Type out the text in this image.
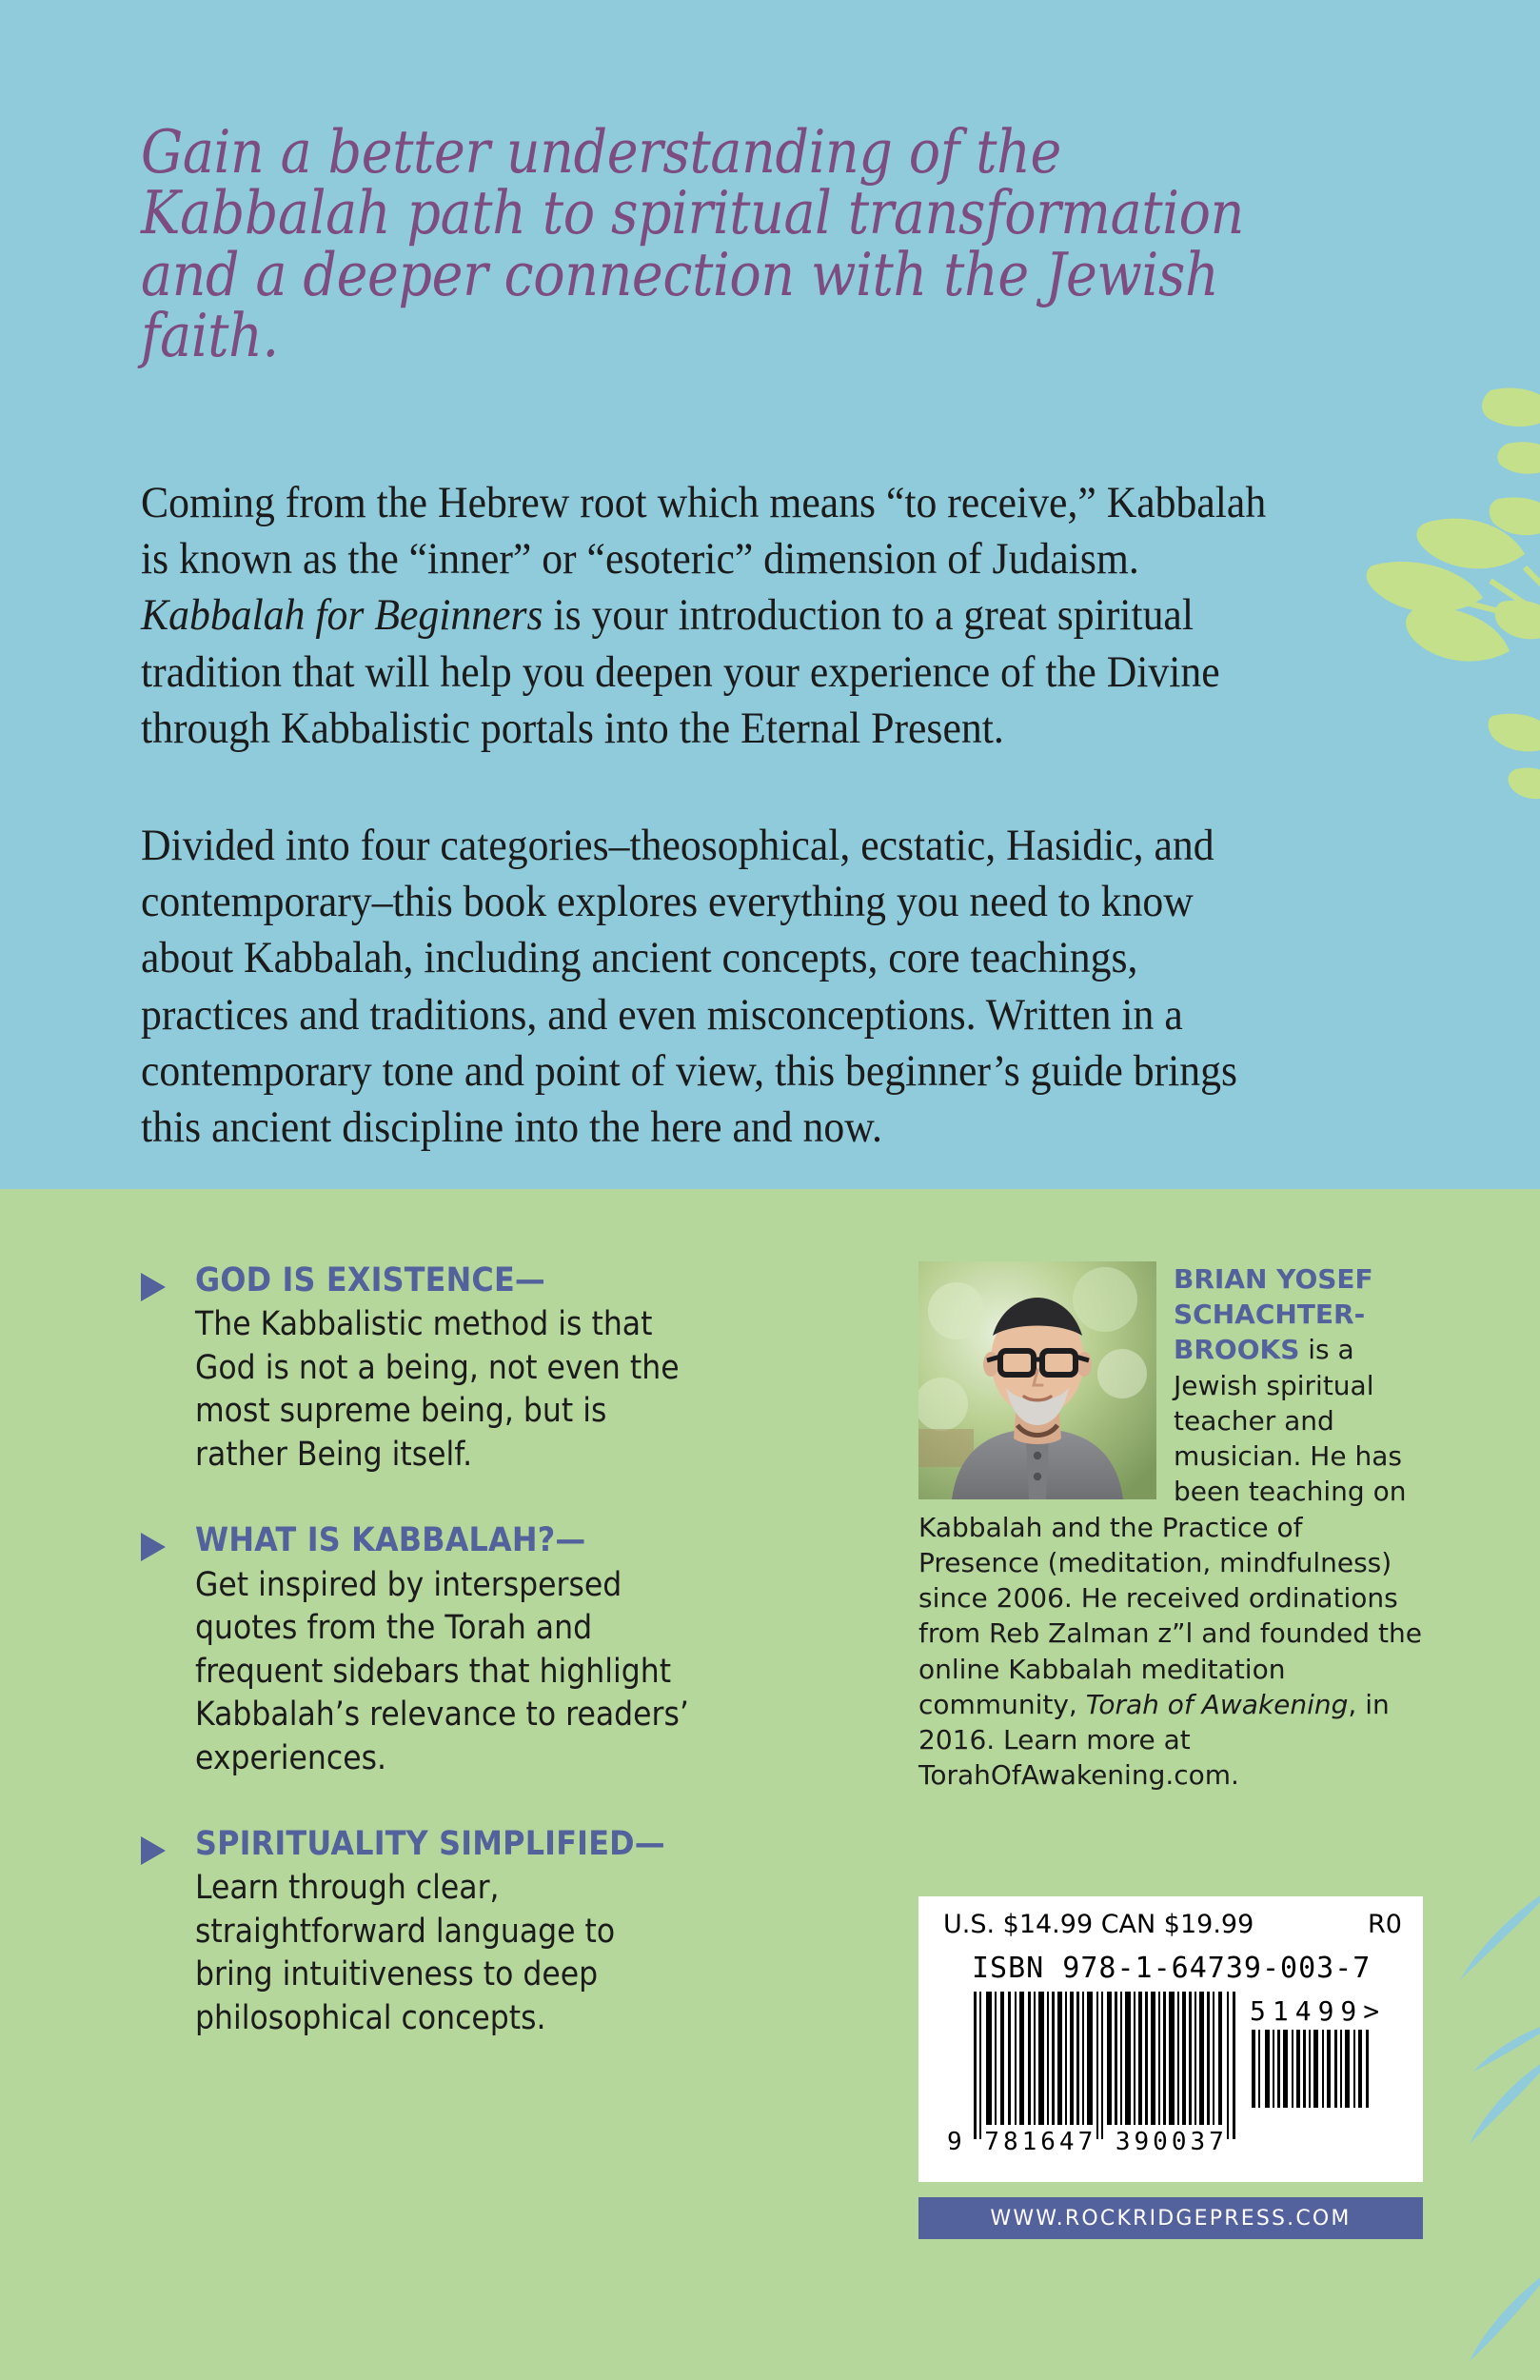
Gain a better understanding of the Kabbalah path to spiritual transformation and a deeper connection with the Jewish faith.

Coming from the Hebrew root which means “to receive,” Kabbalah is known as the “inner” or “esoteric” dimension of Judaism. Kabbalah for Beginners is your introduction to a great spiritual tradition that will help you deepen your experience of the Divine through Kabbalistic portals into the Eternal Present.

Divided into four categories–theosophical, ecstatic, Hasidic, and contemporary–this book explores everything you need to know about Kabbalah, including ancient concepts, core teachings, practices and traditions, and even misconceptions. Written in a contemporary tone and point of view, this beginner’s guide brings this ancient discipline into the here and now.

GOD IS EXISTENCE—
The Kabbalistic method is that God is not a being, not even the most supreme being, but is rather Being itself.
WHAT IS KABBALAH?—
Get inspired by interspersed quotes from the Torah and frequent sidebars that highlight Kabbalah’s relevance to readers’ experiences.
SPIRITUALITY SIMPLIFIED—
Learn through clear, straightforward language to bring intuitiveness to deep philosophical concepts.
BRIAN YOSEF SCHACHTER-BROOKS is a Jewish spiritual teacher and musician. He has been teaching on Kabbalah and the Practice of Presence (meditation, mindfulness) since 2006. He received ordinations from Reb Zalman z”l and founded the online Kabbalah meditation community, Torah of Awakening, in 2016. Learn more at TorahOfAwakening.com.
U.S. $14.99 CAN $19.99	R0
ISBN 978-1-64739-003-7
51499>
9 781647 390037
WWW.ROCKRIDGEPRESS.COM
